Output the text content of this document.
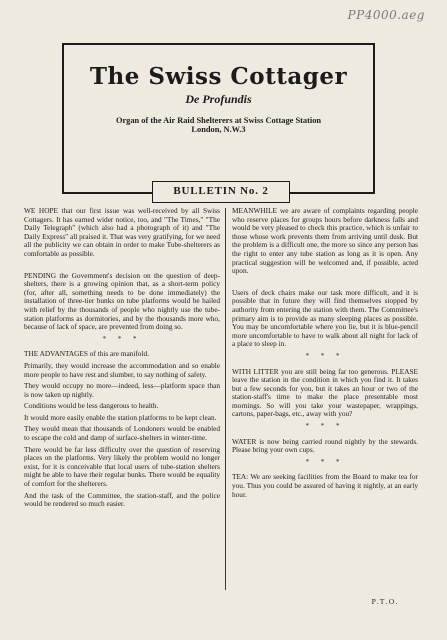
PP4000.aeg
The Swiss Cottager
De Profundis
Organ of the Air Raid Shelterers at Swiss Cottage Station
London, N.W.3
BULLETIN No. 2

WE HOPE that our first issue was well-received by all Swiss Cottagers. It has earned wider notice, too, and "The Times," "The Daily Telegraph" (which also had a photograph of it) and "The Daily Express" all praised it. That was very gratifying, for we need all the publicity we can obtain in order to make Tube-shelterers as comfortable as possible.

PENDING the Government's decision on the question of deep-shelters, there is a growing opinion that, as a short-term policy (for, after all, something needs to be done immediately) the installation of three-tier bunks on tube platforms would be hailed with relief by the thousands of people who nightly use the tube-station platforms as dormitories, and by the thousands more who, because of lack of space, are prevented from doing so.

* * *

THE ADVANTAGES of this are manifold.

Primarily, they would increase the accommodation and so enable more people to have rest and slumber, to say nothing of safety.

They would occupy no more—indeed, less—platform space than is now taken up nightly.

Conditions would be less dangerous to health.

It would more easily enable the station platforms to be kept clean.

They would mean that thousands of Londoners would be enabled to escape the cold and damp of surface-shelters in winter-time.

There would be far less difficulty over the question of reserving places on the platforms. Very likely the problem would no longer exist, for it is conceivable that local users of tube-station shelters might be able to have their regular bunks. There would be equality of comfort for the shelterers.

And the task of the Committee, the station-staff, and the police would be rendered so much easier.

MEANWHILE we are aware of complaints regarding people who reserve places for groups hours before darkness falls and would be very pleased to check this practice, which is unfair to those whose work prevents them from arriving until dusk. But the problem is a difficult one, the more so since any person has the right to enter any tube station as long as it is open. Any practical suggestion will be welcomed and, if possible, acted upon.

Users of deck chairs make our task more difficult, and it is possible that in future they will find themselves stopped by authority from entering the station with them. The Committee's primary aim is to provide as many sleeping places as possible. You may be uncomfortable where you lie, but it is blue-pencil more uncomfortable to have to walk about all night for lack of a place to sleep in.

* * *

WITH LITTER you are still being far too generous. PLEASE leave the station in the condition in which you find it. It takes but a few seconds for you, but it takes an hour or two of the station-staff's time to make the place presentable most mornings. So will you take your wastepaper, wrappings, cartons, paper-bags, etc., away with you?

* * *

WATER is now being carried round nightly by the stewards. Please bring your own cups.

* * *

TEA: We are seeking facilities from the Board to make tea for you. Thus you could be assured of having it nightly, at an early hour.

P.T.O.
